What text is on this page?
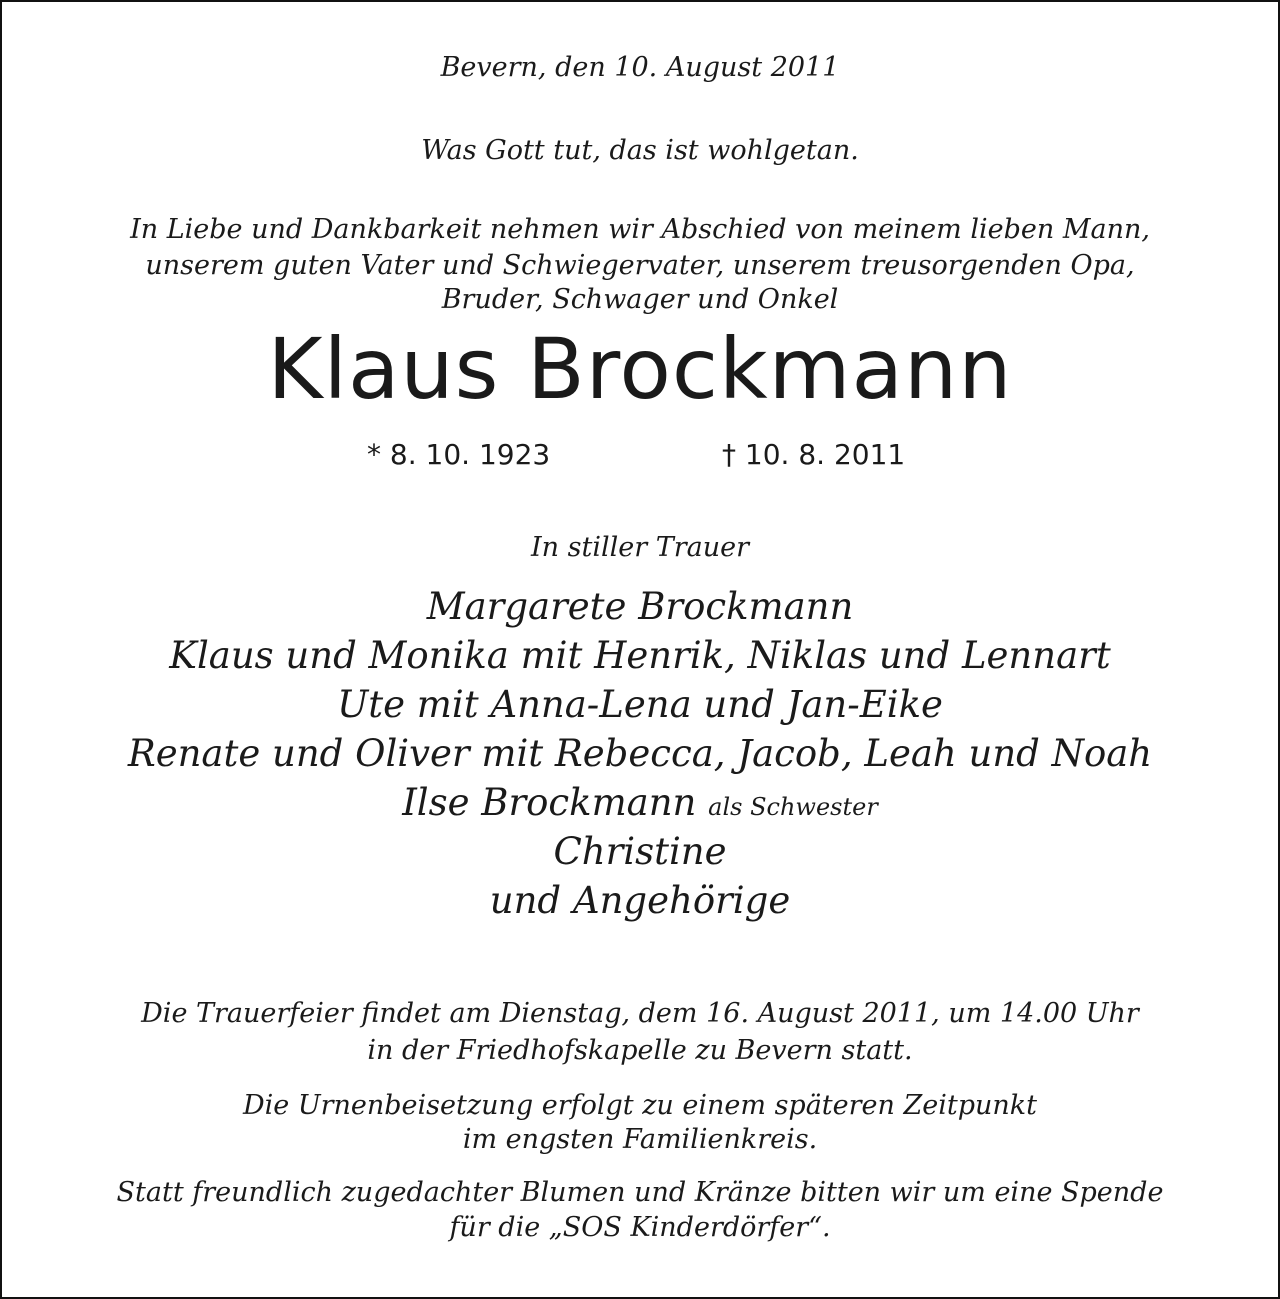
Bevern, den 10. August 2011

Was Gott tut, das ist wohlgetan.

In Liebe und Dankbarkeit nehmen wir Abschied von meinem lieben Mann,

unserem guten Vater und Schwiegervater, unserem treusorgenden Opa,

Bruder, Schwager und Onkel

Klaus Brockmann

* 8. 10. 1923	† 10. 8. 2011

In stiller Trauer

Margarete Brockmann

Klaus und Monika mit Henrik, Niklas und Lennart

Ute mit Anna-Lena und Jan-Eike

Renate und Oliver mit Rebecca, Jacob, Leah und Noah

Ilse Brockmann als Schwester

Christine

und Angehörige

Die Trauerfeier findet am Dienstag, dem 16. August 2011, um 14.00 Uhr

in der Friedhofskapelle zu Bevern statt.

Die Urnenbeisetzung erfolgt zu einem späteren Zeitpunkt

im engsten Familienkreis.

Statt freundlich zugedachter Blumen und Kränze bitten wir um eine Spende

für die „SOS Kinderdörfer“.
